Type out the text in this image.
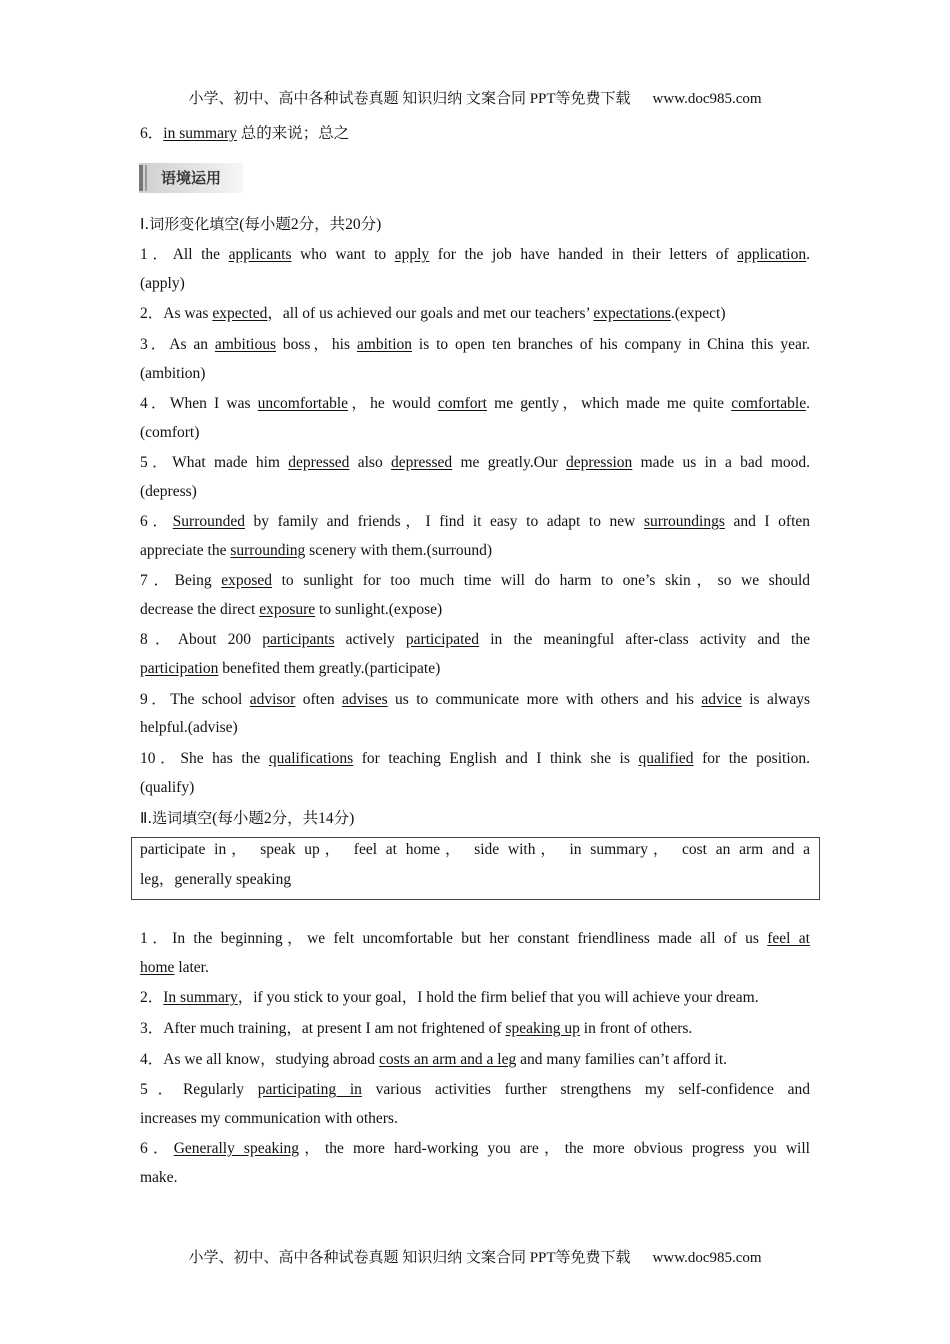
小学、初中、高中各种试卷真题 知识归纳 文案合同 PPT等免费下载 www.doc985.com
6．in summary 总的来说；总之
语境运用
Ⅰ.词形变化填空(每小题2分，共20分)
1．All the applicants who want to apply for the job have handed in their letters of application.
(apply)
2．As was expected，all of us achieved our goals and met our teachers’ expectations.(expect)
3．As an ambitious boss，his ambition is to open ten branches of his company in China this year.
(ambition)
4．When I was uncomfortable，he would comfort me gently，which made me quite comfortable.
(comfort)
5．What made him depressed also depressed me greatly.Our depression made us in a bad mood.
(depress)
6．Surrounded by family and friends，I find it easy to adapt to new surroundings and I often
appreciate the surrounding scenery with them.(surround)
7．Being exposed to sunlight for too much time will do harm to one’s skin，so we should
decrease the direct exposure to sunlight.(expose)
8．About 200 participants actively participated in the meaningful after-class activity and the
participation benefited them greatly.(participate)
9．The school advisor often advises us to communicate more with others and his advice is always
helpful.(advise)
10．She has the qualifications for teaching English and I think she is qualified for the position.
(qualify)
Ⅱ.选词填空(每小题2分，共14分)
participate in， speak up， feel at home， side with， in summary， cost an arm and a
leg，generally speaking
1．In the beginning，we felt uncomfortable but her constant friendliness made all of us feel at
home later.
2．In summary，if you stick to your goal，I hold the firm belief that you will achieve your dream.
3．After much training，at present I am not frightened of speaking up in front of others.
4．As we all know，studying abroad costs an arm and a leg and many families can’t afford it.
5．Regularly participating in various activities further strengthens my self-confidence and
increases my communication with others.
6．Generally speaking，the more hard-working you are，the more obvious progress you will
make.
小学、初中、高中各种试卷真题 知识归纳 文案合同 PPT等免费下载 www.doc985.com
